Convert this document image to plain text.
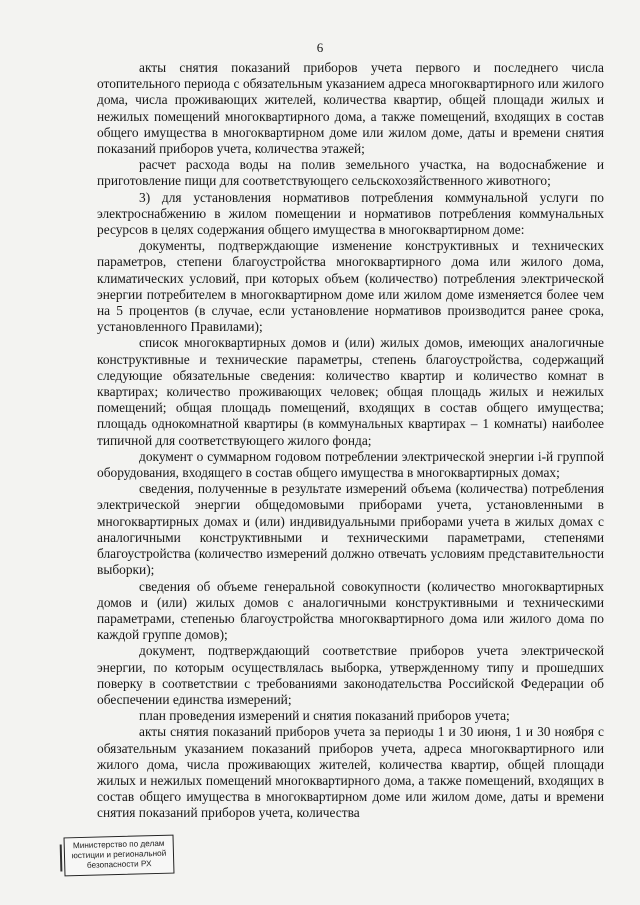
6

акты снятия показаний приборов учета первого и последнего числа отопительного периода с обязательным указанием адреса многоквартирного или жилого дома, числа проживающих жителей, количества квартир, общей площади жилых и нежилых помещений многоквартирного дома, а также помещений, входящих в состав общего имущества в многоквартирном доме или жилом доме, даты и времени снятия показаний приборов учета, количества этажей;

расчет расхода воды на полив земельного участка, на водоснабжение и приготовление пищи для соответствующего сельскохозяйственного животного;

3) для установления нормативов потребления коммунальной услуги по электроснабжению в жилом помещении и нормативов потребления коммунальных ресурсов в целях содержания общего имущества в многоквартирном доме:

документы, подтверждающие изменение конструктивных и технических параметров, степени благоустройства многоквартирного дома или жилого дома, климатических условий, при которых объем (количество) потребления электрической энергии потребителем в многоквартирном доме или жилом доме изменяется более чем на 5 процентов (в случае, если установление нормативов производится ранее срока, установленного Правилами);

список многоквартирных домов и (или) жилых домов, имеющих аналогичные конструктивные и технические параметры, степень благоустройства, содержащий следующие обязательные сведения: количество квартир и количество комнат в квартирах; количество проживающих человек; общая площадь жилых и нежилых помещений; общая площадь помещений, входящих в состав общего имущества; площадь однокомнатной квартиры (в коммунальных квартирах – 1 комнаты) наиболее типичной для соответствующего жилого фонда;

документ о суммарном годовом потреблении электрической энергии i-й группой оборудования, входящего в состав общего имущества в многоквартирных домах;

сведения, полученные в результате измерений объема (количества) потребления электрической энергии общедомовыми приборами учета, установленными в многоквартирных домах и (или) индивидуальными приборами учета в жилых домах с аналогичными конструктивными и техническими параметрами, степенями благоустройства (количество измерений должно отвечать условиям представительности выборки);

сведения об объеме генеральной совокупности (количество многоквартирных домов и (или) жилых домов с аналогичными конструктивными и техническими параметрами, степенью благоустройства многоквартирного дома или жилого дома по каждой группе домов);

документ, подтверждающий соответствие приборов учета электрической энергии, по которым осуществлялась выборка, утвержденному типу и прошедших поверку в соответствии с требованиями законодательства Российской Федерации об обеспечении единства измерений;

план проведения измерений и снятия показаний приборов учета;

акты снятия показаний приборов учета за периоды 1 и 30 июня, 1 и 30 ноября с обязательным указанием показаний приборов учета, адреса многоквартирного или жилого дома, числа проживающих жителей, количества квартир, общей площади жилых и нежилых помещений многоквартирного дома, а также помещений, входящих в состав общего имущества в многоквартирном доме или жилом доме, даты и времени снятия показаний приборов учета, количества

Министерство по делам
юстиции и региональной
безопасности РХ
